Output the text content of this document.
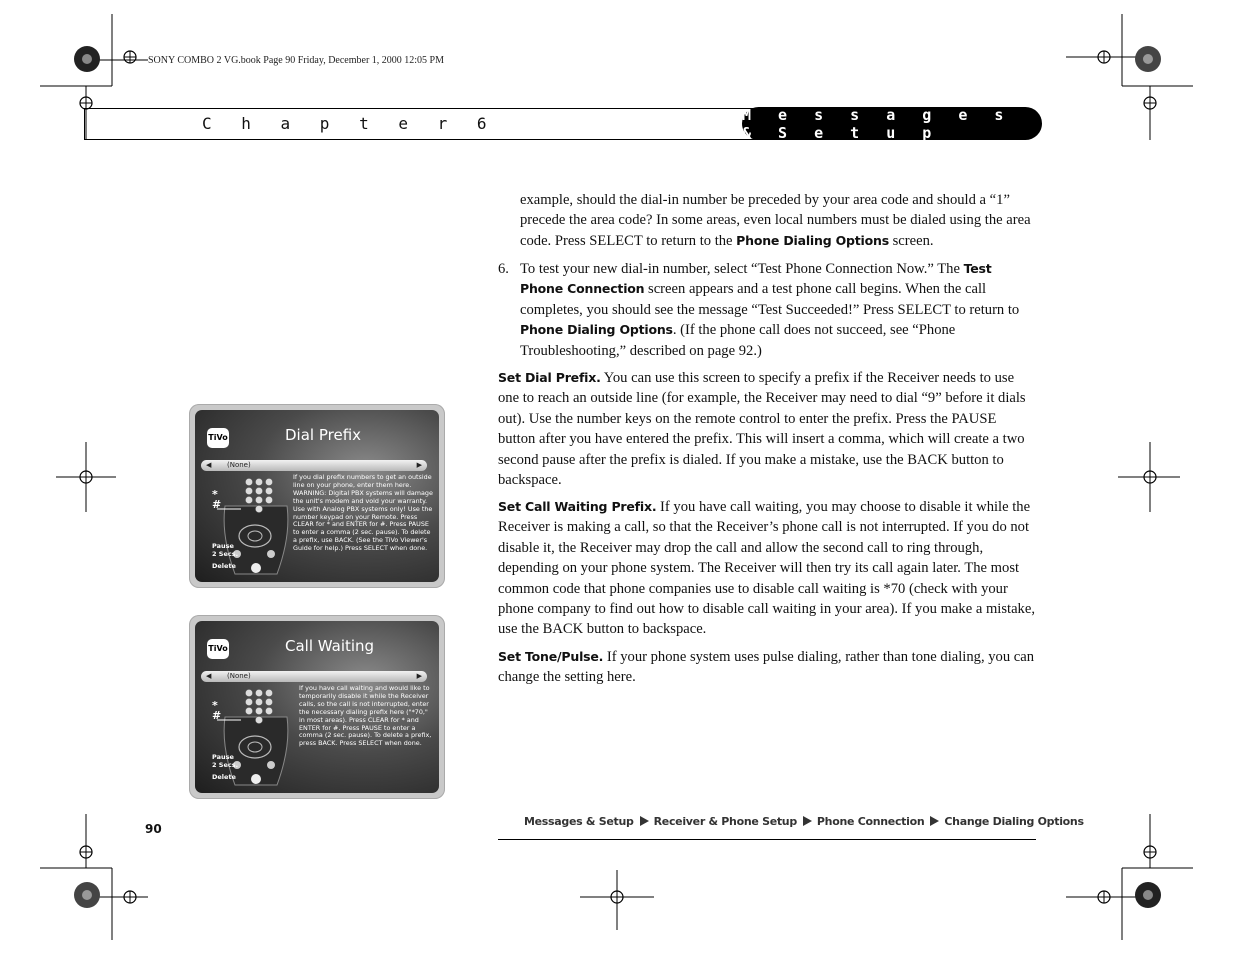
SONY COMBO 2 VG.book Page 90 Friday, December 1, 2000 12:05 PM
C h a p t e r 6	M e s s a g e s & S e t u p
example, should the dial-in number be preceded by your area code and should a “1” precede the area code? In some areas, even local numbers must be dialed using the area code. Press SELECT to return to the Phone Dialing Options screen.
6. To test your new dial-in number, select “Test Phone Connection Now.” The Test Phone Connection screen appears and a test phone call begins. When the call completes, you should see the message “Test Succeeded!” Press SELECT to return to Phone Dialing Options. (If the phone call does not succeed, see “Phone Troubleshooting,” described on page 92.)
Set Dial Prefix. You can use this screen to specify a prefix if the Receiver needs to use one to reach an outside line (for example, the Receiver may need to dial “9” before it dials out). Use the number keys on the remote control to enter the prefix. Press the PAUSE button after you have entered the prefix. This will insert a comma, which will create a two second pause after the prefix is dialed. If you make a mistake, use the BACK button to backspace.
Set Call Waiting Prefix. If you have call waiting, you may choose to disable it while the Receiver is making a call, so that the Receiver’s phone call is not interrupted. If you do not disable it, the Receiver may drop the call and allow the second call to ring through, depending on your phone system. The Receiver will then try its call again later. The most common code that phone companies use to disable call waiting is *70 (check with your phone company to find out how to disable call waiting in your area). If you make a mistake, use the BACK button to backspace.
Set Tone/Pulse. If your phone system uses pulse dialing, rather than tone dialing, you can change the setting here.
TiVo	Dial Prefix
◀ (None)	▶
*
#
Pause
2 Secs.
Delete
If you dial prefix numbers to get an outside line on your phone, enter them here. WARNING: Digital PBX systems will damage the unit's modem and void your warranty. Use with Analog PBX systems only! Use the number keypad on your Remote. Press CLEAR for * and ENTER for #. Press PAUSE to enter a comma (2 sec. pause). To delete a prefix, use BACK. (See the TiVo Viewer's Guide for help.) Press SELECT when done.
TiVo	Call Waiting
◀ (None)	▶
*
#
Pause
2 Secs.
Delete
If you have call waiting and would like to temporarily disable it while the Receiver calls, so the call is not interrupted, enter the necessary dialing prefix here ("*70," in most areas). Press CLEAR for * and ENTER for #. Press PAUSE to enter a comma (2 sec. pause). To delete a prefix, press BACK. Press SELECT when done.
90
Messages & Setup Receiver & Phone Setup Phone Connection Change Dialing Options
